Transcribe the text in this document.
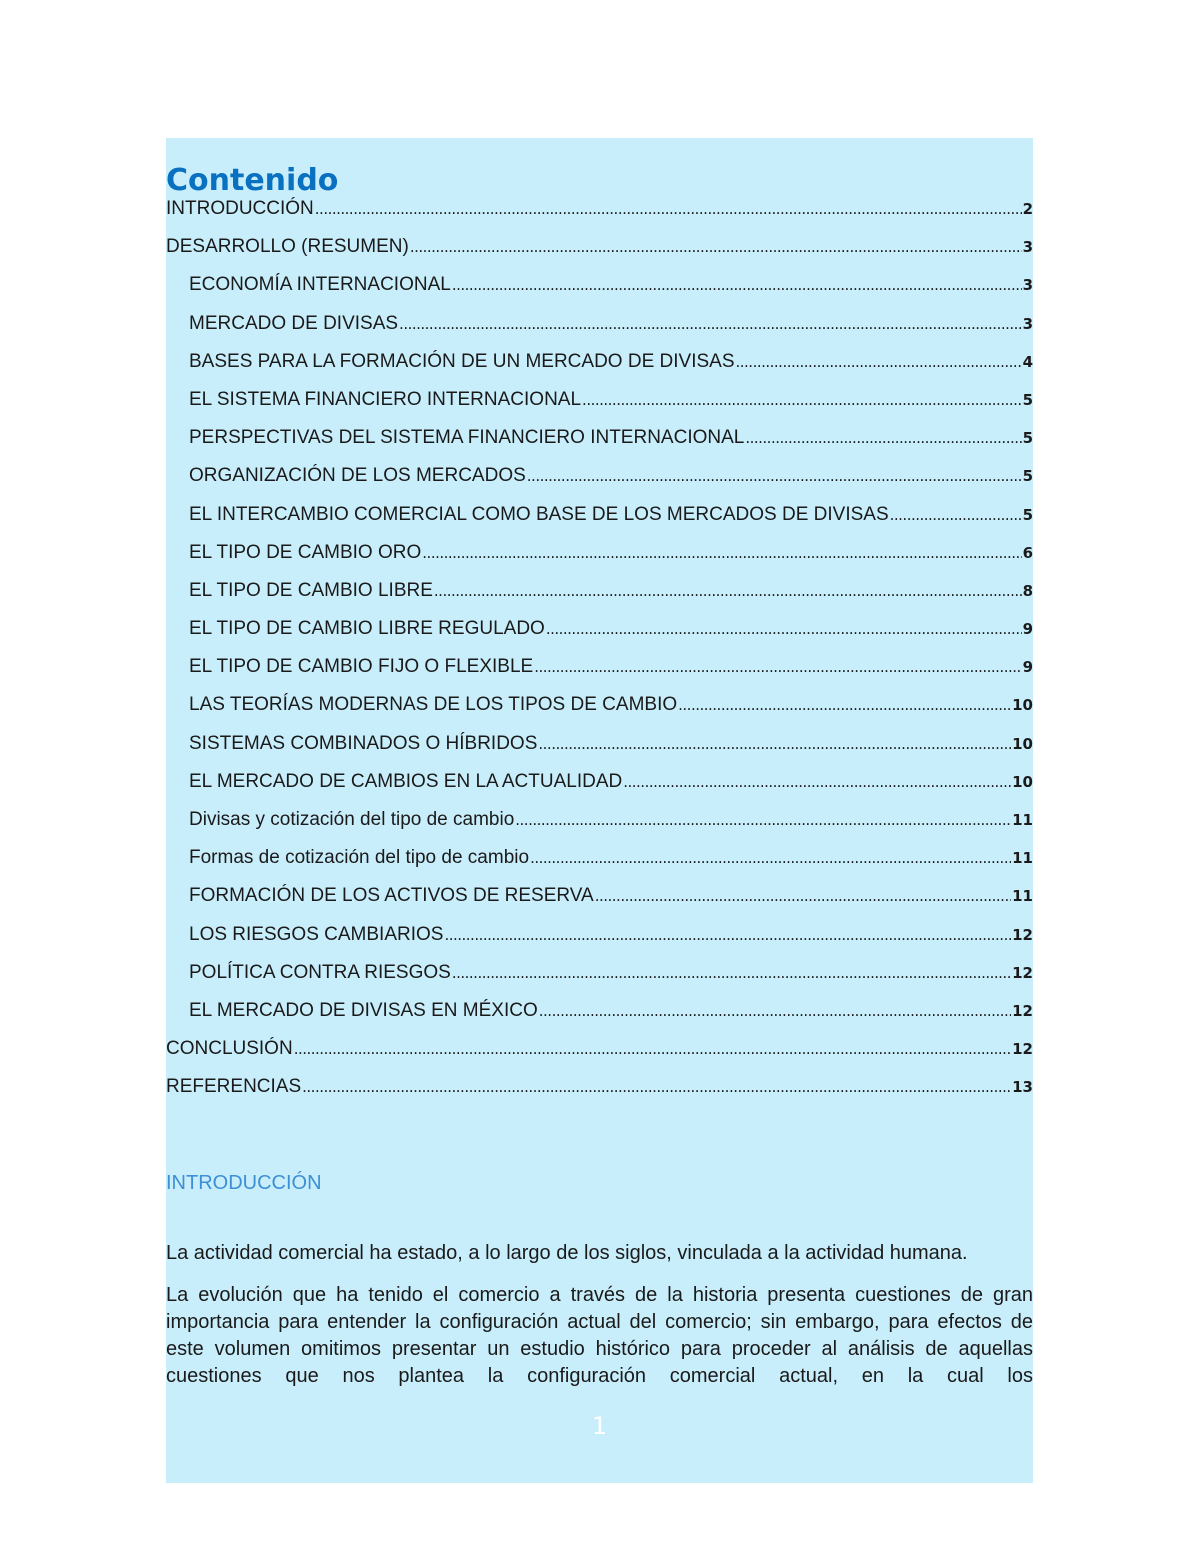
Contenido
INTRODUCCIÓN .....	2
DESARROLLO (RESUMEN) .....	3
ECONOMÍA INTERNACIONAL .....	3
MERCADO DE DIVISAS .....	3
BASES PARA LA FORMACIÓN DE UN MERCADO DE DIVISAS .....	4
EL SISTEMA FINANCIERO INTERNACIONAL .....	5
PERSPECTIVAS DEL SISTEMA FINANCIERO INTERNACIONAL .....	5
ORGANIZACIÓN DE LOS MERCADOS .....	5
EL INTERCAMBIO COMERCIAL COMO BASE DE LOS MERCADOS DE DIVISAS .....	5
EL TIPO DE CAMBIO ORO .....	6
EL TIPO DE CAMBIO LIBRE .....	8
EL TIPO DE CAMBIO LIBRE REGULADO .....	9
EL TIPO DE CAMBIO FIJO O FLEXIBLE .....	9
LAS TEORÍAS MODERNAS DE LOS TIPOS DE CAMBIO .....	10
SISTEMAS COMBINADOS O HÍBRIDOS .....	10
EL MERCADO DE CAMBIOS EN LA ACTUALIDAD .....	10
Divisas y cotización del tipo de cambio .....	11
Formas de cotización del tipo de cambio .....	11
FORMACIÓN DE LOS ACTIVOS DE RESERVA .....	11
LOS RIESGOS CAMBIARIOS .....	12
POLÍTICA CONTRA RIESGOS .....	12
EL MERCADO DE DIVISAS EN MÉXICO .....	12
CONCLUSIÓN .....	12
REFERENCIAS .....	13
INTRODUCCIÓN

La actividad comercial ha estado, a lo largo de los siglos, vinculada a la actividad humana.

La evolución que ha tenido el comercio a través de la historia presenta cuestiones de gran importancia para entender la configuración actual del comercio; sin embargo, para efectos de este volumen omitimos presentar un estudio histórico para proceder al análisis de aquellas cuestiones que nos plantea la configuración comercial actual, en la cual los

1
